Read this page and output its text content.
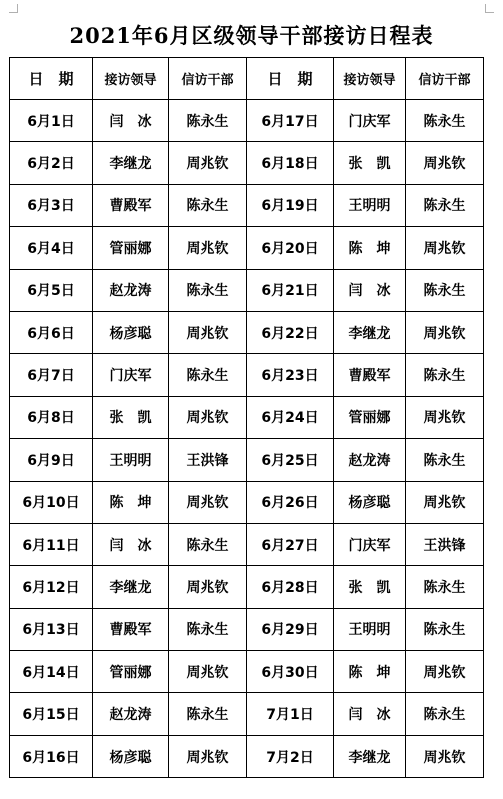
2021年6月区级领导干部接访日程表
日　期	接访领导	信访干部	日　期	接访领导	信访干部
6月1日	闫　冰	陈永生	6月17日	门庆军	陈永生
6月2日	李继龙	周兆钦	6月18日	张　凯	周兆钦
6月3日	曹殿军	陈永生	6月19日	王明明	陈永生
6月4日	管丽娜	周兆钦	6月20日	陈　坤	周兆钦
6月5日	赵龙涛	陈永生	6月21日	闫　冰	陈永生
6月6日	杨彦聪	周兆钦	6月22日	李继龙	周兆钦
6月7日	门庆军	陈永生	6月23日	曹殿军	陈永生
6月8日	张　凯	周兆钦	6月24日	管丽娜	周兆钦
6月9日	王明明	王洪锋	6月25日	赵龙涛	陈永生
6月10日	陈　坤	周兆钦	6月26日	杨彦聪	周兆钦
6月11日	闫　冰	陈永生	6月27日	门庆军	王洪锋
6月12日	李继龙	周兆钦	6月28日	张　凯	陈永生
6月13日	曹殿军	陈永生	6月29日	王明明	陈永生
6月14日	管丽娜	周兆钦	6月30日	陈　坤	周兆钦
6月15日	赵龙涛	陈永生	7月1日	闫　冰	陈永生
6月16日	杨彦聪	周兆钦	7月2日	李继龙	周兆钦
